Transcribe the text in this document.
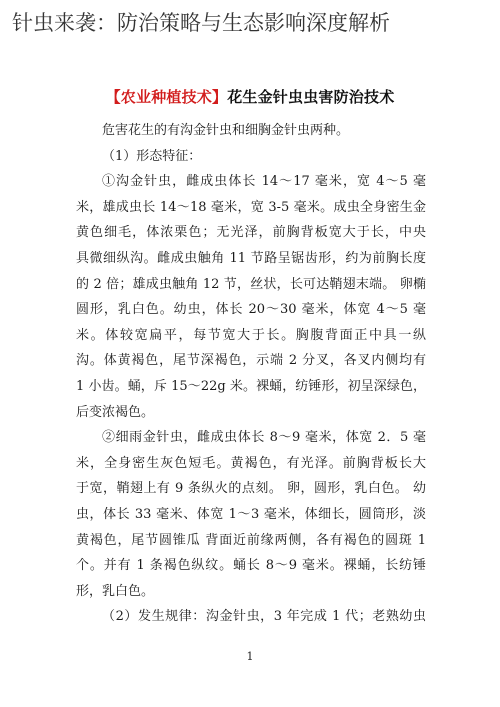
针虫来袭：防治策略与生态影响深度解析
【农业种植技术】花生金针虫虫害防治技术
危害花生的有沟金针虫和细胸金针虫两种。
（1）形态特征：
①沟金针虫，雌成虫体长 14～17 毫米，宽 4～5 毫
米，雄成虫长 14～18 毫米，宽 3-5 毫米。成虫全身密生金
黄色细毛，体浓栗色；无光泽，前胸背板宽大于长，中央
具微细纵沟。雌成虫触角 11 节路呈锯齿形，约为前胸长度
的 2 倍；雄成虫触角 12 节，丝状，长可达鞘翅末端。 卵椭
圆形，乳白色。幼虫，体长 20～30 毫米，体宽 4～5 毫
米。体较宽扁平，每节宽大于长。胸腹背面正中具一纵
沟。体黄褐色，尾节深褐色，示端 2 分叉，各叉内侧均有
1 小齿。蛹，斥 15～22g 米。裸蛹，纺锤形，初呈深绿色，
后变浓褐色。
②细雨金针虫，雌成虫体长 8～9 毫米，体宽 2．5 毫
米，全身密生灰色短毛。黄褐色，有光泽。前胸背板长大
于宽，鞘翅上有 9 条纵火的点刻。 卵，圆形，乳白色。 幼
虫，体长 33 毫米、体宽 1～3 毫米，体细长，圆筒形，淡
黄褐色，尾节圆锥瓜 背面近前缘两侧，各有褐色的圆斑 1
个。并有 1 条褐色纵纹。蛹长 8～9 毫米。裸蛹，长纺锤
形，乳白色。
（2）发生规律：沟金针虫，3 年完成 1 代；老熟幼虫
1
